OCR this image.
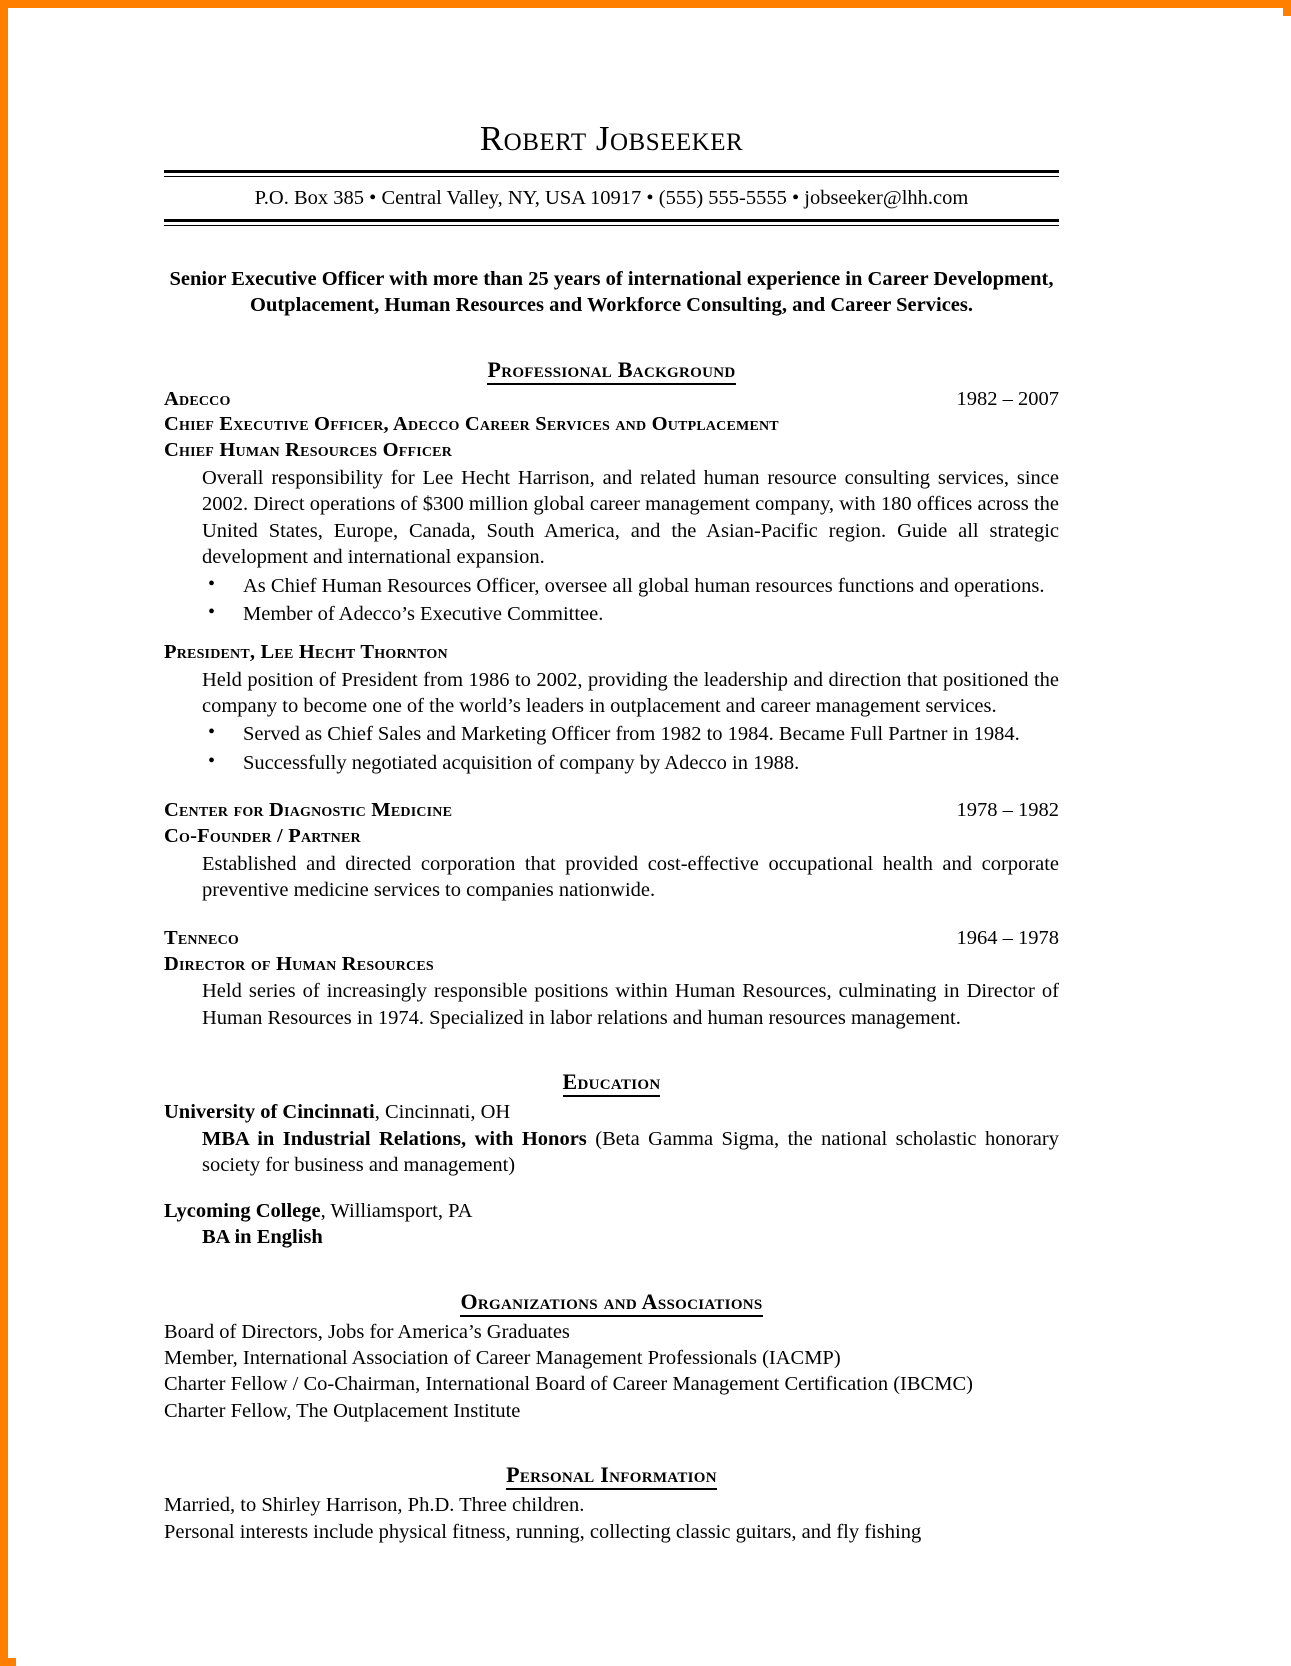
Robert Jobseeker
P.O. Box 385 • Central Valley, NY, USA 10917 • (555) 555-5555 • jobseeker@lhh.com
Senior Executive Officer with more than 25 years of international experience in Career Development, Outplacement, Human Resources and Workforce Consulting, and Career Services.
Professional Background
Adecco	1982 – 2007
Chief Executive Officer, Adecco Career Services and Outplacement
Chief Human Resources Officer
Overall responsibility for Lee Hecht Harrison, and related human resource consulting services, since 2002. Direct operations of $300 million global career management company, with 180 offices across the United States, Europe, Canada, South America, and the Asian-Pacific region. Guide all strategic development and international expansion.
• As Chief Human Resources Officer, oversee all global human resources functions and operations.
• Member of Adecco’s Executive Committee.
President, Lee Hecht Thornton
Held position of President from 1986 to 2002, providing the leadership and direction that positioned the company to become one of the world’s leaders in outplacement and career management services.
• Served as Chief Sales and Marketing Officer from 1982 to 1984. Became Full Partner in 1984.
• Successfully negotiated acquisition of company by Adecco in 1988.
Center for Diagnostic Medicine	1978 – 1982
Co-Founder / Partner
Established and directed corporation that provided cost-effective occupational health and corporate preventive medicine services to companies nationwide.
Tenneco	1964 – 1978
Director of Human Resources
Held series of increasingly responsible positions within Human Resources, culminating in Director of Human Resources in 1974. Specialized in labor relations and human resources management.
Education
University of Cincinnati, Cincinnati, OH
MBA in Industrial Relations, with Honors (Beta Gamma Sigma, the national scholastic honorary society for business and management)
Lycoming College, Williamsport, PA
BA in English
Organizations and Associations
Board of Directors, Jobs for America’s Graduates
Member, International Association of Career Management Professionals (IACMP)
Charter Fellow / Co-Chairman, International Board of Career Management Certification (IBCMC)
Charter Fellow, The Outplacement Institute
Personal Information
Married, to Shirley Harrison, Ph.D. Three children.
Personal interests include physical fitness, running, collecting classic guitars, and fly fishing
